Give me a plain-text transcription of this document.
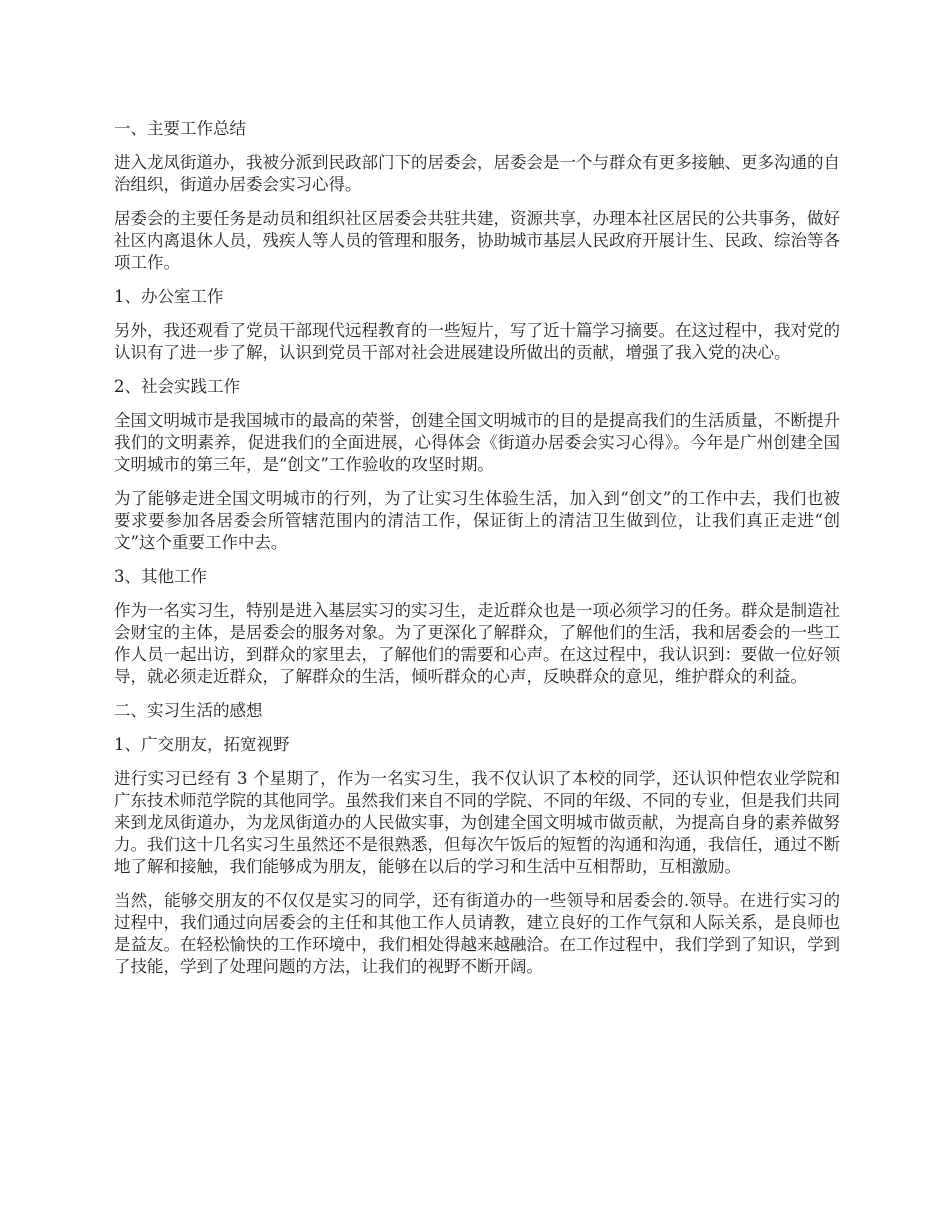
一、主要工作总结

进入龙凤街道办，我被分派到民政部门下的居委会，居委会是一个与群众有更多接触、更多沟通的自治组织，街道办居委会实习心得。

居委会的主要任务是动员和组织社区居委会共驻共建，资源共享，办理本社区居民的公共事务，做好社区内离退休人员，残疾人等人员的管理和服务，协助城市基层人民政府开展计生、民政、综治等各项工作。

1、办公室工作

另外，我还观看了党员干部现代远程教育的一些短片，写了近十篇学习摘要。在这过程中，我对党的认识有了进一步了解，认识到党员干部对社会进展建设所做出的贡献，增强了我入党的决心。

2、社会实践工作

全国文明城市是我国城市的最高的荣誉，创建全国文明城市的目的是提高我们的生活质量，不断提升我们的文明素养，促进我们的全面进展，心得体会《街道办居委会实习心得》。今年是广州创建全国文明城市的第三年，是“创文”工作验收的攻坚时期。

为了能够走进全国文明城市的行列，为了让实习生体验生活，加入到“创文”的工作中去，我们也被要求要参加各居委会所管辖范围内的清洁工作，保证街上的清洁卫生做到位，让我们真正走进“创文”这个重要工作中去。

3、其他工作

作为一名实习生，特别是进入基层实习的实习生，走近群众也是一项必须学习的任务。群众是制造社会财宝的主体，是居委会的服务对象。为了更深化了解群众，了解他们的生活，我和居委会的一些工作人员一起出访，到群众的家里去，了解他们的需要和心声。在这过程中，我认识到：要做一位好领导，就必须走近群众，了解群众的生活，倾听群众的心声，反映群众的意见，维护群众的利益。

二、实习生活的感想

1、广交朋友，拓宽视野

进行实习已经有 3 个星期了，作为一名实习生，我不仅认识了本校的同学，还认识仲恺农业学院和广东技术师范学院的其他同学。虽然我们来自不同的学院、不同的年级、不同的专业，但是我们共同来到龙凤街道办，为龙凤街道办的人民做实事，为创建全国文明城市做贡献，为提高自身的素养做努力。我们这十几名实习生虽然还不是很熟悉，但每次午饭后的短暂的沟通和沟通，我信任，通过不断地了解和接触，我们能够成为朋友，能够在以后的学习和生活中互相帮助，互相激励。

当然，能够交朋友的不仅仅是实习的同学，还有街道办的一些领导和居委会的.领导。在进行实习的过程中，我们通过向居委会的主任和其他工作人员请教，建立良好的工作气氛和人际关系，是良师也是益友。在轻松愉快的工作环境中，我们相处得越来越融洽。在工作过程中，我们学到了知识，学到了技能，学到了处理问题的方法，让我们的视野不断开阔。
